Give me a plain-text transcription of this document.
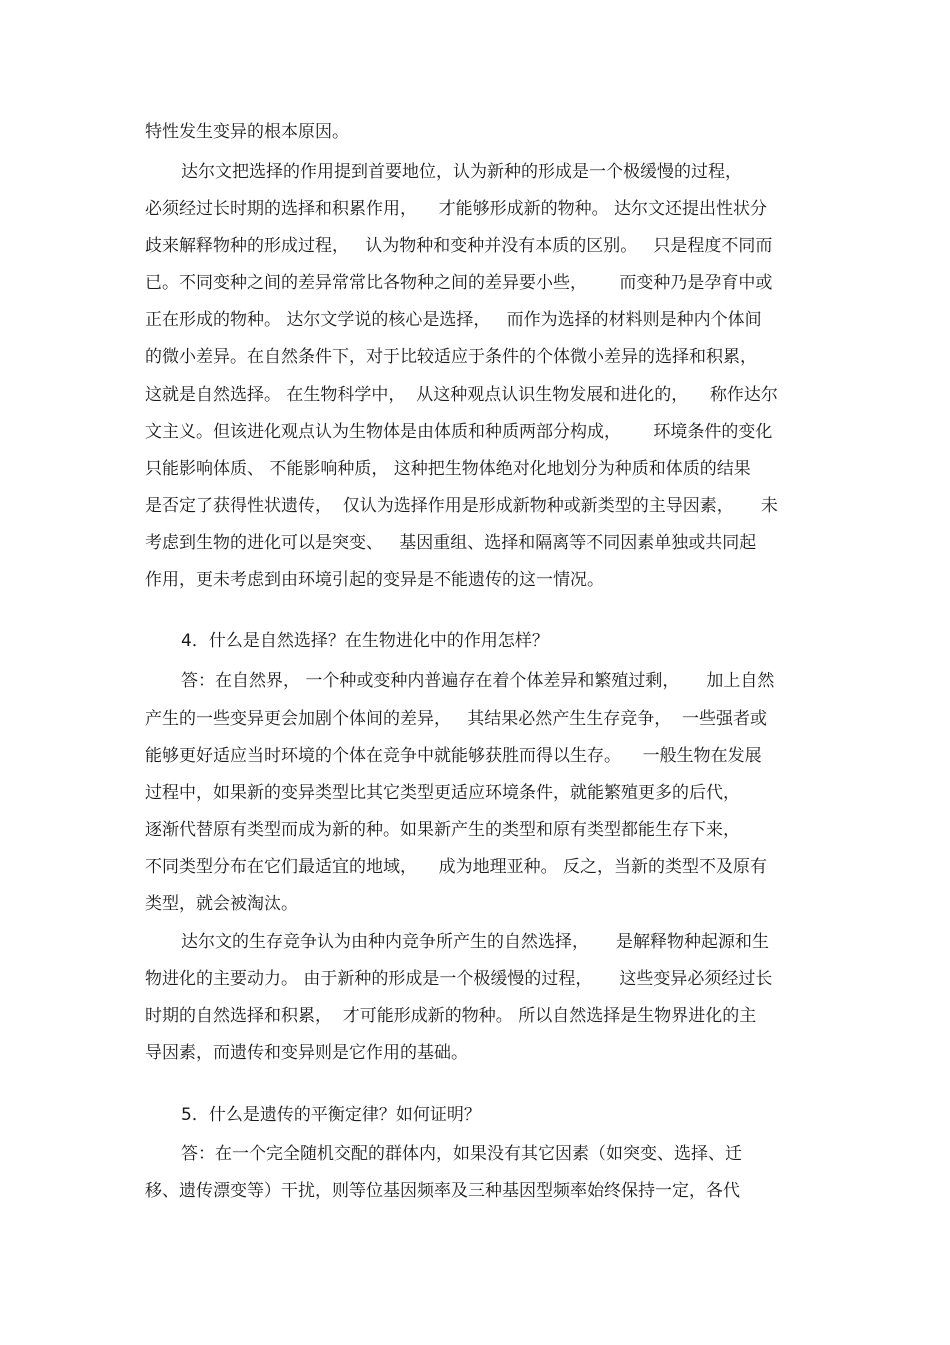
特性发生变异的根本原因。
达尔文把选择的作用提到首要地位，认为新种的形成是一个极缓慢的过程，
必须经过长时期的选择和积累作用，    才能够形成新的物种。 达尔文还提出性状分
歧来解释物种的形成过程，   认为物种和变种并没有本质的区别。   只是程度不同而
已。不同变种之间的差异常常比各物种之间的差异要小些，      而变种乃是孕育中或
正在形成的物种。 达尔文学说的核心是选择，   而作为选择的材料则是种内个体间
的微小差异。在自然条件下，对于比较适应于条件的个体微小差异的选择和积累，
这就是自然选择。 在生物科学中，  从这种观点认识生物发展和进化的，    称作达尔
文主义。但该进化观点认为生物体是由体质和种质两部分构成，      环境条件的变化
只能影响体质、 不能影响种质， 这种把生物体绝对化地划分为种质和体质的结果
是否定了获得性状遗传，  仅认为选择作用是形成新物种或新类型的主导因素，     未
考虑到生物的进化可以是突变、   基因重组、选择和隔离等不同因素单独或共同起
作用，更未考虑到由环境引起的变异是不能遗传的这一情况。
4．什么是自然选择？在生物进化中的作用怎样？
答：在自然界， 一个种或变种内普遍存在着个体差异和繁殖过剩，     加上自然
产生的一些变异更会加剧个体间的差异，   其结果必然产生生存竞争，  一些强者或
能够更好适应当时环境的个体在竞争中就能够获胜而得以生存。    一般生物在发展
过程中，如果新的变异类型比其它类型更适应环境条件，就能繁殖更多的后代，
逐渐代替原有类型而成为新的种。如果新产生的类型和原有类型都能生存下来，
不同类型分布在它们最适宜的地域，    成为地理亚种。 反之，当新的类型不及原有
类型，就会被淘汰。
达尔文的生存竞争认为由种内竞争所产生的自然选择，     是解释物种起源和生
物进化的主要动力。 由于新种的形成是一个极缓慢的过程，     这些变异必须经过长
时期的自然选择和积累，  才可能形成新的物种。 所以自然选择是生物界进化的主
导因素，而遗传和变异则是它作用的基础。
5．什么是遗传的平衡定律？如何证明？
答：在一个完全随机交配的群体内，如果没有其它因素（如突变、选择、迁
移、遗传漂变等）干扰，则等位基因频率及三种基因型频率始终保持一定，各代
